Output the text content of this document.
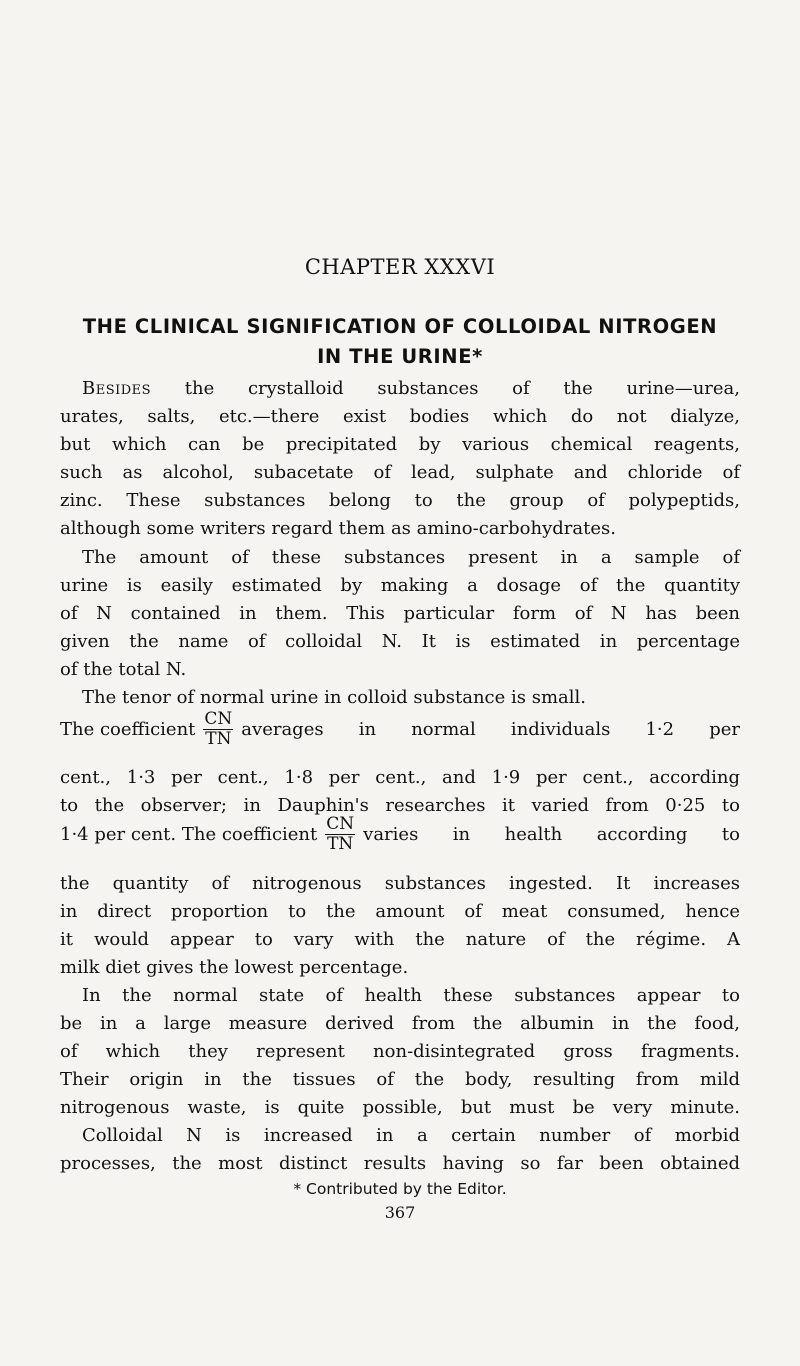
CHAPTER XXXVI
THE CLINICAL SIGNIFICATION OF COLLOIDAL NITROGEN
IN THE URINE*
Besides the crystalloid substances of the urine—urea,
urates, salts, etc.—there exist bodies which do not dialyze,
but which can be precipitated by various chemical reagents,
such as alcohol, subacetate of lead, sulphate and chloride of
zinc. These substances belong to the group of polypeptids,
although some writers regard them as amino-carbohydrates.
The amount of these substances present in a sample of
urine is easily estimated by making a dosage of the quantity
of N contained in them. This particular form of N has been
given the name of colloidal N. It is estimated in percentage
of the total N.
The tenor of normal urine in colloid substance is small.
The coefficient $\frac{CN}{TN}$ averages in normal individuals 1·2 per
cent., 1·3 per cent., 1·8 per cent., and 1·9 per cent., according
to the observer; in Dauphin's researches it varied from 0·25 to
1·4 per cent. The coefficient $\frac{CN}{TN}$ varies in health according to
the quantity of nitrogenous substances ingested. It increases
in direct proportion to the amount of meat consumed, hence
it would appear to vary with the nature of the régime. A
milk diet gives the lowest percentage.
In the normal state of health these substances appear to
be in a large measure derived from the albumin in the food,
of which they represent non-disintegrated gross fragments.
Their origin in the tissues of the body, resulting from mild
nitrogenous waste, is quite possible, but must be very minute.
Colloidal N is increased in a certain number of morbid
processes, the most distinct results having so far been obtained
* Contributed by the Editor.
367
